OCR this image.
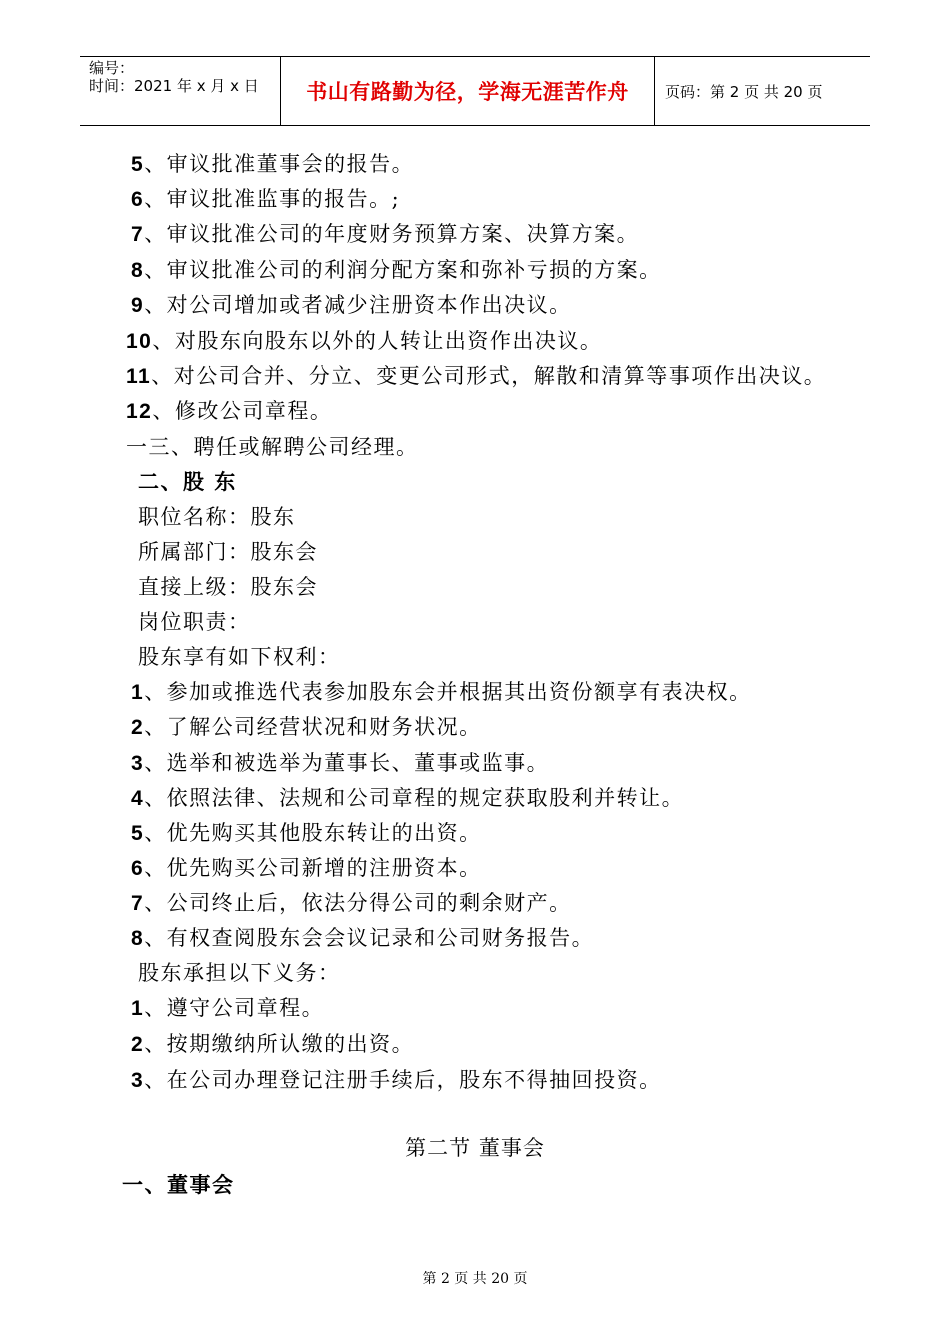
编号：
时间：2021 年 x 月 x 日	书山有路勤为径，学海无涯苦作舟	页码：第 2 页 共 20 页
5、审议批准董事会的报告。
6、审议批准监事的报告。;
7、审议批准公司的年度财务预算方案、决算方案。
8、审议批准公司的利润分配方案和弥补亏损的方案。
9、对公司增加或者减少注册资本作出决议。
10、对股东向股东以外的人转让出资作出决议。
11、对公司合并、分立、变更公司形式，解散和清算等事项作出决议。
12、修改公司章程。
一三、聘任或解聘公司经理。
二、股 东
职位名称：股东
所属部门：股东会
直接上级：股东会
岗位职责：
股东享有如下权利：
1、参加或推选代表参加股东会并根据其出资份额享有表决权。
2、了解公司经营状况和财务状况。
3、选举和被选举为董事长、董事或监事。
4、依照法律、法规和公司章程的规定获取股利并转让。
5、优先购买其他股东转让的出资。
6、优先购买公司新增的注册资本。
7、公司终止后，依法分得公司的剩余财产。
8、有权查阅股东会会议记录和公司财务报告。
股东承担以下义务：
1、遵守公司章程。
2、按期缴纳所认缴的出资。
3、在公司办理登记注册手续后，股东不得抽回投资。
第二节 董事会
一、董事会
第 2 页 共 20 页
